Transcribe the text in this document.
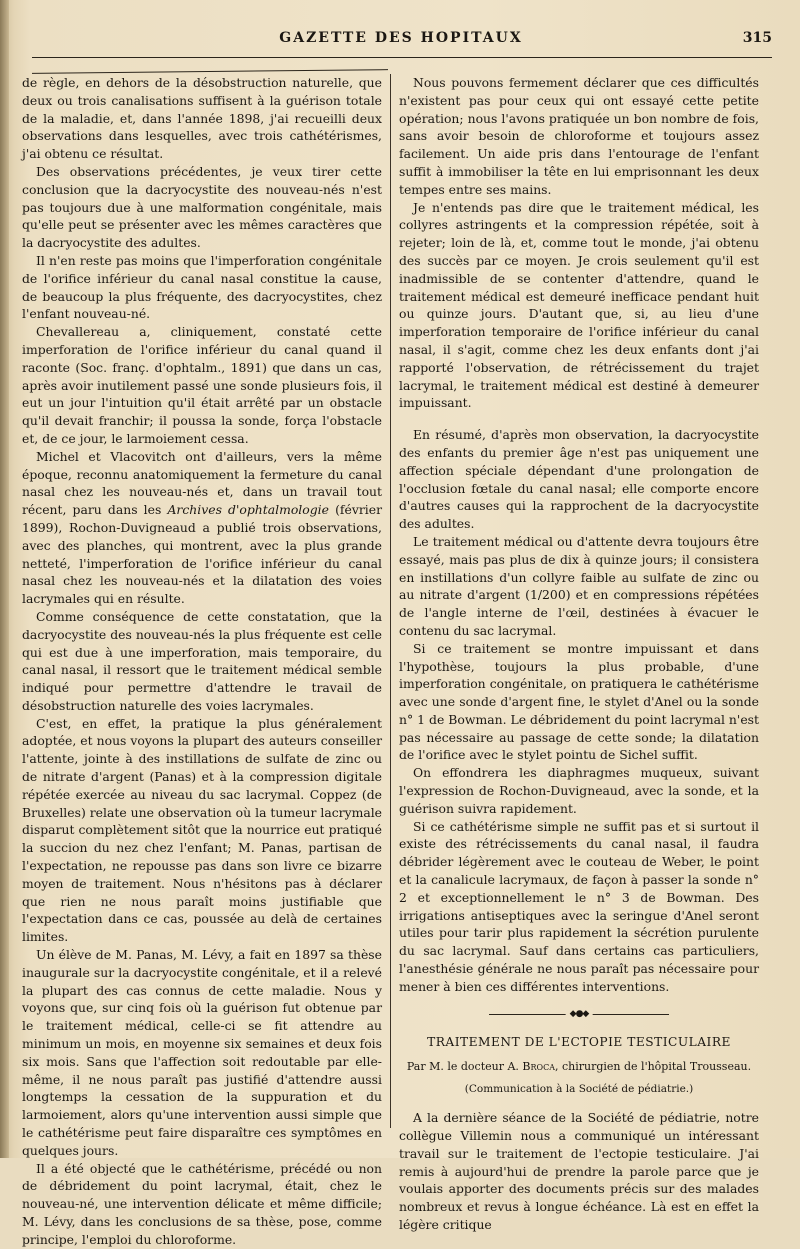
GAZETTE DES HOPITAUX	315

de règle, en dehors de la désobstruction naturelle, que deux ou trois canalisations suffisent à la guérison totale de la maladie, et, dans l'année 1898, j'ai recueilli deux observations dans lesquelles, avec trois cathétérismes, j'ai obtenu ce résultat.

Des observations précédentes, je veux tirer cette conclusion que la dacryocystite des nouveau-nés n'est pas toujours due à une malformation congénitale, mais qu'elle peut se présenter avec les mêmes caractères que la dacryocystite des adultes.

Il n'en reste pas moins que l'imperforation congénitale de l'orifice inférieur du canal nasal constitue la cause, de beaucoup la plus fréquente, des dacryocystites, chez l'enfant nouveau-né.

Chevallereau a, cliniquement, constaté cette imperforation de l'orifice inférieur du canal quand il raconte (Soc. franç. d'ophtalm., 1891) que dans un cas, après avoir inutilement passé une sonde plusieurs fois, il eut un jour l'intuition qu'il était arrêté par un obstacle qu'il devait franchir; il poussa la sonde, força l'obstacle et, de ce jour, le larmoiement cessa.

Michel et Vlacovitch ont d'ailleurs, vers la même époque, reconnu anatomiquement la fermeture du canal nasal chez les nouveau-nés et, dans un travail tout récent, paru dans les Archives d'ophtalmologie (février 1899), Rochon-Duvigneaud a publié trois observations, avec des planches, qui montrent, avec la plus grande netteté, l'imperforation de l'orifice inférieur du canal nasal chez les nouveau-nés et la dilatation des voies lacrymales qui en résulte.

Comme conséquence de cette constatation, que la dacryocystite des nouveau-nés la plus fréquente est celle qui est due à une imperforation, mais temporaire, du canal nasal, il ressort que le traitement médical semble indiqué pour permettre d'attendre le travail de désobstruction naturelle des voies lacrymales.

C'est, en effet, la pratique la plus généralement adoptée, et nous voyons la plupart des auteurs conseiller l'attente, jointe à des instillations de sulfate de zinc ou de nitrate d'argent (Panas) et à la compression digitale répétée exercée au niveau du sac lacrymal. Coppez (de Bruxelles) relate une observation où la tumeur lacrymale disparut complètement sitôt que la nourrice eut pratiqué la succion du nez chez l'enfant; M. Panas, partisan de l'expectation, ne repousse pas dans son livre ce bizarre moyen de traitement. Nous n'hésitons pas à déclarer que rien ne nous paraît moins justifiable que l'expectation dans ce cas, poussée au delà de certaines limites.

Un élève de M. Panas, M. Lévy, a fait en 1897 sa thèse inaugurale sur la dacryocystite congénitale, et il a relevé la plupart des cas connus de cette maladie. Nous y voyons que, sur cinq fois où la guérison fut obtenue par le traitement médical, celle-ci se fit attendre au minimum un mois, en moyenne six semaines et deux fois six mois. Sans que l'affection soit redoutable par elle-même, il ne nous paraît pas justifié d'attendre aussi longtemps la cessation de la suppuration et du larmoiement, alors qu'une intervention aussi simple que le cathétérisme peut faire disparaître ces symptômes en quelques jours.

Il a été objecté que le cathétérisme, précédé ou non de débridement du point lacrymal, était, chez le nouveau-né, une intervention délicate et même difficile; M. Lévy, dans les conclusions de sa thèse, pose, comme principe, l'emploi du chloroforme.

Nous pouvons fermement déclarer que ces difficultés n'existent pas pour ceux qui ont essayé cette petite opération; nous l'avons pratiquée un bon nombre de fois, sans avoir besoin de chloroforme et toujours assez facilement. Un aide pris dans l'entourage de l'enfant suffit à immobiliser la tête en lui emprisonnant les deux tempes entre ses mains.

Je n'entends pas dire que le traitement médical, les collyres astringents et la compression répétée, soit à rejeter; loin de là, et, comme tout le monde, j'ai obtenu des succès par ce moyen. Je crois seulement qu'il est inadmissible de se contenter d'attendre, quand le traitement médical est demeuré inefficace pendant huit ou quinze jours. D'autant que, si, au lieu d'une imperforation temporaire de l'orifice inférieur du canal nasal, il s'agit, comme chez les deux enfants dont j'ai rapporté l'observation, de rétrécissement du trajet lacrymal, le traitement médical est destiné à demeurer impuissant.

En résumé, d'après mon observation, la dacryocystite des enfants du premier âge n'est pas uniquement une affection spéciale dépendant d'une prolongation de l'occlusion fœtale du canal nasal; elle comporte encore d'autres causes qui la rapprochent de la dacryocystite des adultes.

Le traitement médical ou d'attente devra toujours être essayé, mais pas plus de dix à quinze jours; il consistera en instillations d'un collyre faible au sulfate de zinc ou au nitrate d'argent (1/200) et en compressions répétées de l'angle interne de l'œil, destinées à évacuer le contenu du sac lacrymal.

Si ce traitement se montre impuissant et dans l'hypothèse, toujours la plus probable, d'une imperforation congénitale, on pratiquera le cathétérisme avec une sonde d'argent fine, le stylet d'Anel ou la sonde n° 1 de Bowman. Le débridement du point lacrymal n'est pas nécessaire au passage de cette sonde; la dilatation de l'orifice avec le stylet pointu de Sichel suffit.

On effondrera les diaphragmes muqueux, suivant l'expression de Rochon-Duvigneaud, avec la sonde, et la guérison suivra rapidement.

Si ce cathétérisme simple ne suffit pas et si surtout il existe des rétrécissements du canal nasal, il faudra débrider légèrement avec le couteau de Weber, le point et la canalicule lacrymaux, de façon à passer la sonde n° 2 et exceptionnellement le n° 3 de Bowman. Des irrigations antiseptiques avec la seringue d'Anel seront utiles pour tarir plus rapidement la sécrétion purulente du sac lacrymal. Sauf dans certains cas particuliers, l'anesthésie générale ne nous paraît pas nécessaire pour mener à bien ces différentes interventions.

◆●◆
TRAITEMENT DE L'ECTOPIE TESTICULAIRE
Par M. le docteur A. Broca, chirurgien de l'hôpital Trousseau.
(Communication à la Société de pédiatrie.)

A la dernière séance de la Société de pédiatrie, notre collègue Villemin nous a communiqué un intéressant travail sur le traitement de l'ectopie testiculaire. J'ai remis à aujourd'hui de prendre la parole parce que je voulais apporter des documents précis sur des malades nombreux et revus à longue échéance. Là est en effet la légère critique
